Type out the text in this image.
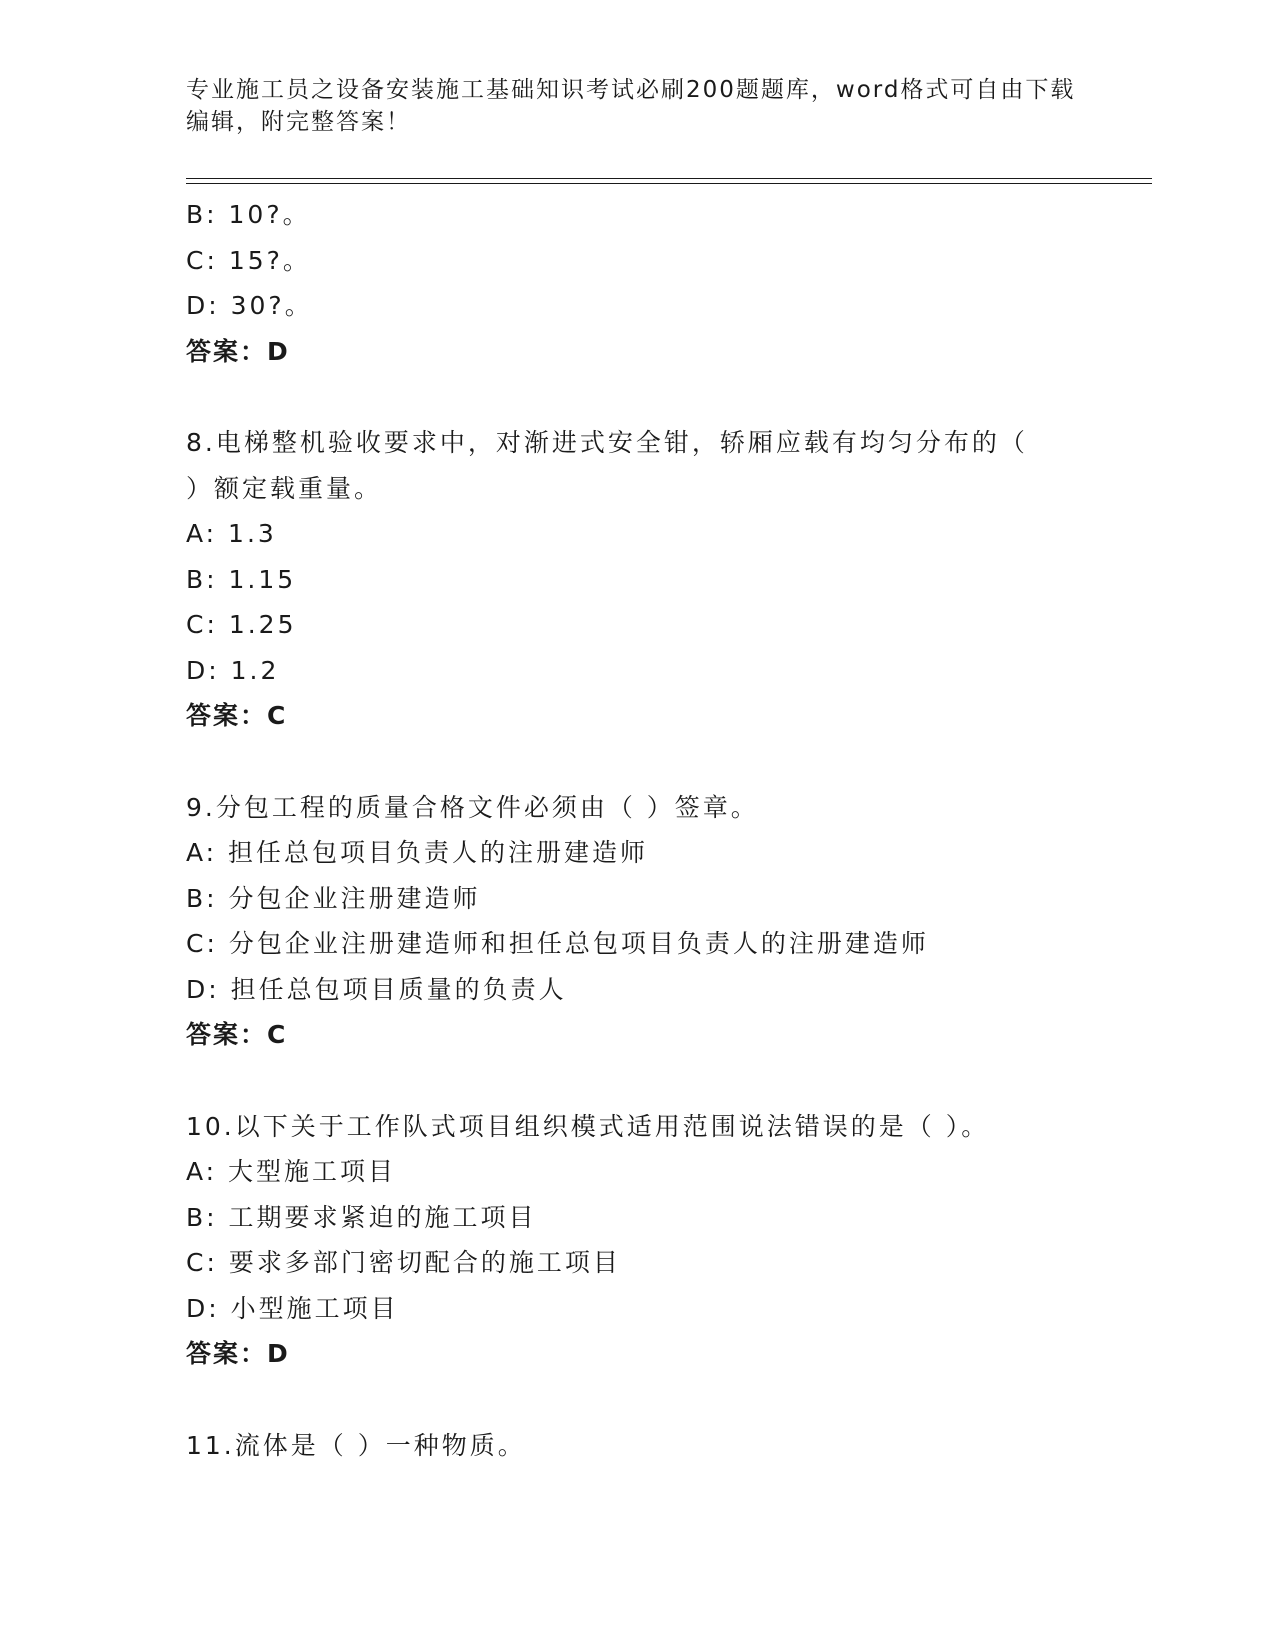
专业施工员之设备安装施工基础知识考试必刷200题题库，word格式可自由下载
编辑，附完整答案！
B: 10?。
C: 15?。
D: 30?。
答案：D
8.电梯整机验收要求中，对渐进式安全钳，轿厢应载有均匀分布的（
）额定载重量。
A: 1.3
B: 1.15
C: 1.25
D: 1.2
答案：C
9.分包工程的质量合格文件必须由（ ）签章。
A: 担任总包项目负责人的注册建造师
B: 分包企业注册建造师
C: 分包企业注册建造师和担任总包项目负责人的注册建造师
D: 担任总包项目质量的负责人
答案：C
10.以下关于工作队式项目组织模式适用范围说法错误的是（ ）。
A: 大型施工项目
B: 工期要求紧迫的施工项目
C: 要求多部门密切配合的施工项目
D: 小型施工项目
答案：D
11.流体是（ ）一种物质。
